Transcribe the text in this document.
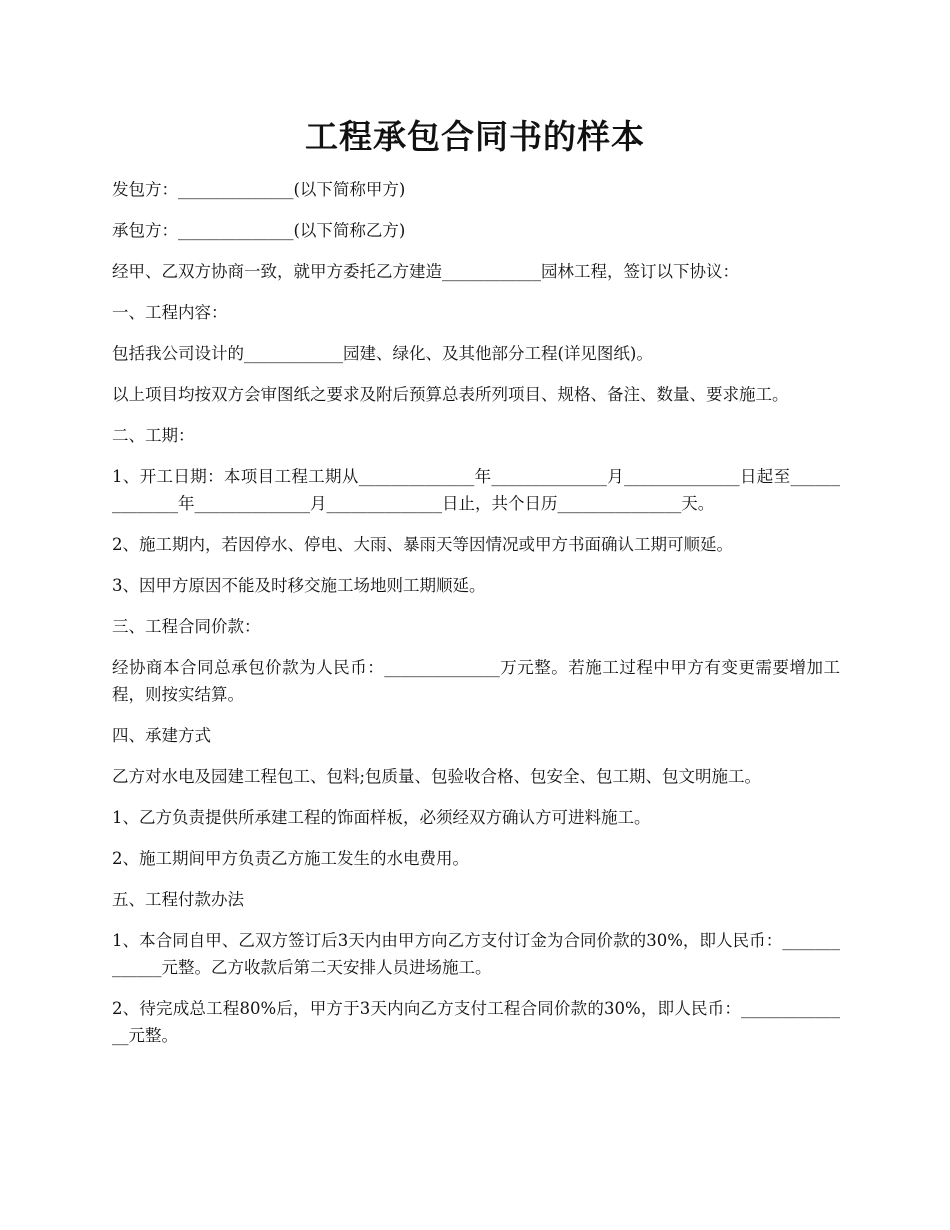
工程承包合同书的样本

发包方：______________(以下简称甲方)

承包方：______________(以下简称乙方)

经甲、乙双方协商一致，就甲方委托乙方建造____________园林工程，签订以下协议：

一、工程内容：

包括我公司设计的____________园建、绿化、及其他部分工程(详见图纸)。

以上项目均按双方会审图纸之要求及附后预算总表所列项目、规格、备注、数量、要求施工。

二、工期：

1、开工日期：本项目工程工期从______________年______________月______________日起至______________年______________月______________日止，共个日历_______________天。

2、施工期内，若因停水、停电、大雨、暴雨天等因情况或甲方书面确认工期可顺延。

3、因甲方原因不能及时移交施工场地则工期顺延。

三、工程合同价款：

经协商本合同总承包价款为人民币：______________万元整。若施工过程中甲方有变更需要增加工程，则按实结算。

四、承建方式

乙方对水电及园建工程包工、包料;包质量、包验收合格、包安全、包工期、包文明施工。

1、乙方负责提供所承建工程的饰面样板，必须经双方确认方可进料施工。

2、施工期间甲方负责乙方施工发生的水电费用。

五、工程付款办法

1、本合同自甲、乙双方签订后3天内由甲方向乙方支付订金为合同价款的30%，即人民币：_____________元整。乙方收款后第二天安排人员进场施工。

2、待完成总工程80%后，甲方于3天内向乙方支付工程合同价款的30%，即人民币：______________元整。
